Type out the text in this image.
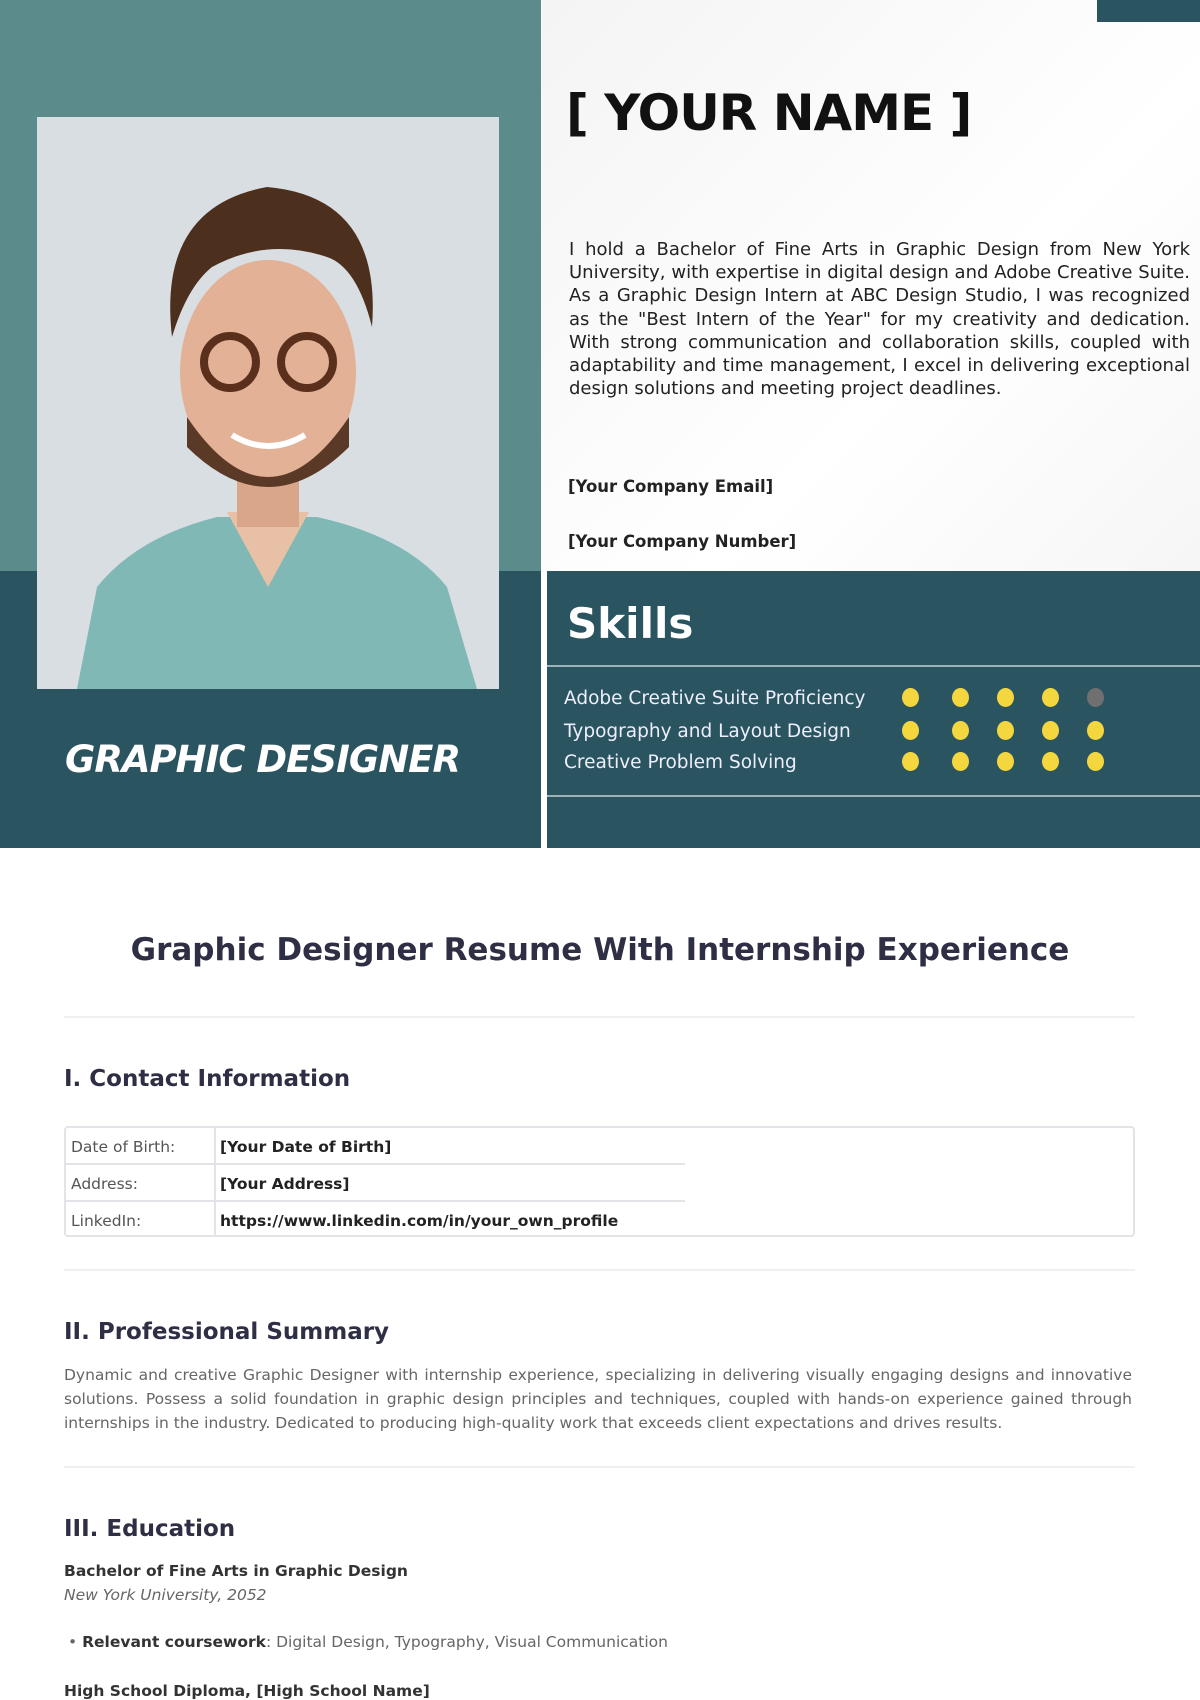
GRAPHIC DESIGNER
[ YOUR NAME ]
I hold a Bachelor of Fine Arts in Graphic Design from New York University, with expertise in digital design and Adobe Creative Suite. As a Graphic Design Intern at ABC Design Studio, I was recognized as the "Best Intern of the Year" for my creativity and dedication. With strong communication and collaboration skills, coupled with adaptability and time management, I excel in delivering exceptional design solutions and meeting project deadlines.
[Your Company Email]
[Your Company Number]
Skills
Adobe Creative Suite Proficiency
Typography and Layout Design
Creative Problem Solving
Graphic Designer Resume With Internship Experience
I. Contact Information
Date of Birth:	[Your Date of Birth]
Address:	[Your Address]
LinkedIn:	https://www.linkedin.com/in/your_own_profile
II. Professional Summary
Dynamic and creative Graphic Designer with internship experience, specializing in delivering visually engaging designs and innovative solutions. Possess a solid foundation in graphic design principles and techniques, coupled with hands-on experience gained through internships in the industry. Dedicated to producing high-quality work that exceeds client expectations and drives results.
III. Education
Bachelor of Fine Arts in Graphic Design
New York University, 2052
• Relevant coursework: Digital Design, Typography, Visual Communication
High School Diploma, [High School Name]
